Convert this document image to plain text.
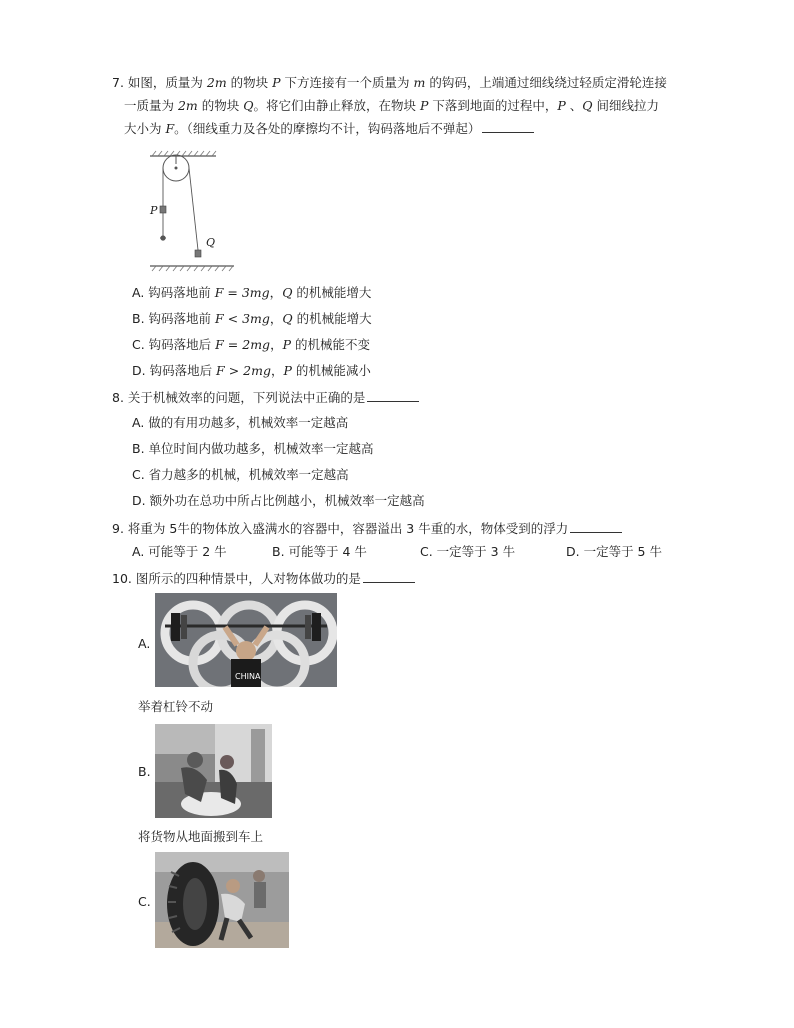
7. 如图，质量为 2m 的物块 P 下方连接有一个质量为 m 的钩码，上端通过细线绕过轻质定滑轮连接
一质量为 2m 的物块 Q。将它们由静止释放，在物块 P 下落到地面的过程中，P 、Q 间细线拉力
大小为 F。（细线重力及各处的摩擦均不计，钩码落地后不弹起）
P
Q
A. 钩码落地前 F = 3mg，Q 的机械能增大
B. 钩码落地前 F < 3mg，Q 的机械能增大
C. 钩码落地后 F = 2mg，P 的机械能不变
D. 钩码落地后 F > 2mg，P 的机械能减小
8. 关于机械效率的问题，下列说法中正确的是
A. 做的有用功越多，机械效率一定越高
B. 单位时间内做功越多，机械效率一定越高
C. 省力越多的机械，机械效率一定越高
D. 额外功在总功中所占比例越小，机械效率一定越高
9. 将重为 5牛的物体放入盛满水的容器中，容器溢出 3 牛重的水，物体受到的浮力
A. 可能等于 2 牛	B. 可能等于 4 牛	C. 一定等于 3 牛	D. 一定等于 5 牛
10. 图所示的四种情景中，人对物体做功的是
A.
CHINA
举着杠铃不动
B.
将货物从地面搬到车上
C.
